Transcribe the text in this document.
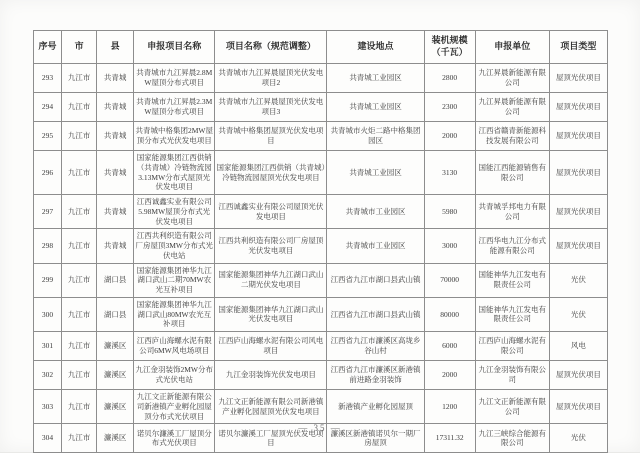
序号	市	县	申报项目名称	项目名称（规范调整）	建设地点	装机规模（千瓦）	申报单位	项目类型
293	九江市	共青城	共青城市九江昇晨2.8MW屋顶分布式项目	共青城市九江昇晨屋顶光伏发电项目2	共青城工业园区	2800	九江昇晨新能源有限公司	屋顶光伏项目
294	九江市	共青城	共青城市九江昇晨2.3MW屋顶分布式项目	共青城市九江昇晨屋顶光伏发电项目3	共青城工业园区	2300	九江昇晨新能源有限公司	屋顶光伏项目
295	九江市	共青城	共青城中格集团2MW屋顶分布式光伏发电项目	共青城中格集团屋顶光伏发电项目	共青城市火炬二路中格集团园区	2000	江西省赣青新能源科技发展有限公司	屋顶光伏项目
296	九江市	共青城	国家能源集团江西供销（共青城）冷链物流园3.13MW分布式屋顶光伏发电项目	国家能源集团江西供销（共青城）冷链物流园屋顶光伏发电项目	共青城工业园区	3130	国能江西能源销售有限公司	屋顶光伏项目
297	九江市	共青城	江西诚鑫实业有限公司5.98MW屋顶分布式光伏发电项目	江西诚鑫实业有限公司屋顶光伏发电项目	共青城市工业园区	5980	共青城孚邦电力有限公司	屋顶光伏项目
298	九江市	共青城	江西共利织造有限公司厂房屋顶3MW分布式光伏电站	江西共利织造有限公司厂房屋顶光伏发电项目	共青城市工业园区	3000	江西华电九江分布式能源有限公司	屋顶光伏项目
299	九江市	湖口县	国家能源集团神华九江湖口武山二期70MW农光互补项目	国家能源集团神华九江湖口武山二期光伏发电项目	江西省九江市湖口县武山镇	70000	国能神华九江发电有限责任公司	光伏
300	九江市	湖口县	国家能源集团神华九江湖口武山80MW农光互补项目	国家能源集团神华九江湖口武山光伏发电项目	江西省九江市湖口县武山镇	80000	国能神华九江发电有限责任公司	光伏
301	九江市	濂溪区	江西庐山海螺水泥有限公司6MW风电场项目	江西庐山海螺水泥有限公司风电项目	江西省九江市濂溪区高垅乡谷山村	6000	江西庐山海螺水泥有限公司	风电
302	九江市	濂溪区	九江金羽装饰2MW分布式光伏电站	九江金羽装饰光伏发电项目	江西省九江市濂溪区新港镇前进路金羽装饰	2000	九江金羽装饰有限公司	屋顶光伏项目
303	九江市	濂溪区	九江文正新能源有限公司新港镇产业孵化园屋顶分布式光伏项目	九江文正新能源有限公司新港镇产业孵化园屋顶光伏发电项目	新港镇产业孵化园屋顶	1200	九江文正新能源有限公司	屋顶光伏项目
304	九江市	濂溪区	诺贝尔濂溪工厂屋顶分布式光伏项目	诺贝尔濂溪工厂屋顶光伏发电项目	濂溪区新港镇诺贝尔一期厂房屋顶	17311.32	九江三峡综合能源有限公司	光伏
— 35 —
